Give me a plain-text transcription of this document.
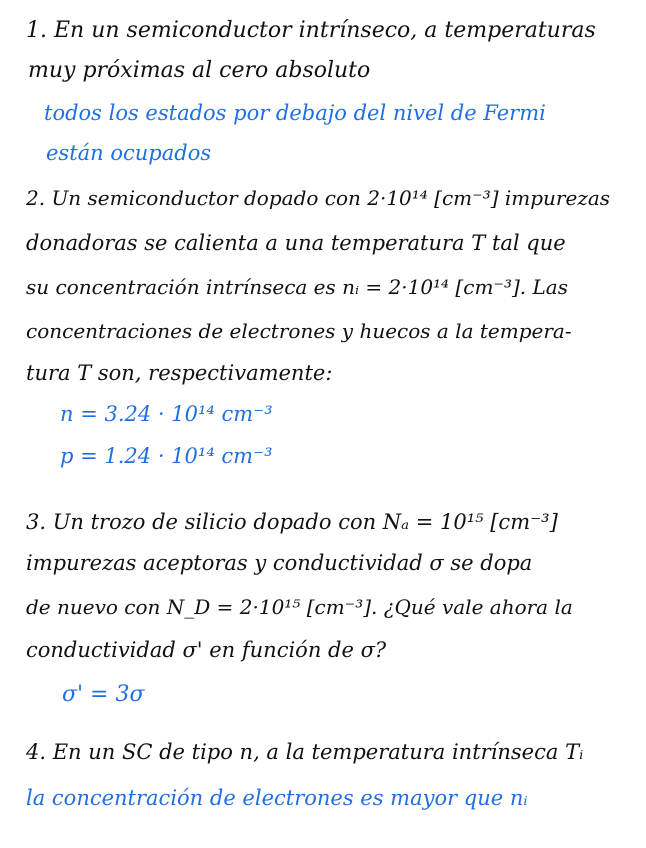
1. En un semiconductor intrínseco, a temperaturas
muy próximas al cero absoluto
todos los estados por debajo del nivel de Fermi
están ocupados
2. Un semiconductor dopado con 2·10¹⁴ [cm⁻³] impurezas
donadoras se calienta a una temperatura T tal que
su concentración intrínseca es nᵢ = 2·10¹⁴ [cm⁻³]. Las
concentraciones de electrones y huecos a la tempera-
tura T son, respectivamente:
n = 3.24 · 10¹⁴ cm⁻³
p = 1.24 · 10¹⁴ cm⁻³
3. Un trozo de silicio dopado con Nₐ = 10¹⁵ [cm⁻³]
impurezas aceptoras y conductividad σ se dopa
de nuevo con N_D = 2·10¹⁵ [cm⁻³]. ¿Qué vale ahora la
conductividad σ' en función de σ?
σ' = 3σ
4. En un SC de tipo n, a la temperatura intrínseca Tᵢ
la concentración de electrones es mayor que nᵢ
